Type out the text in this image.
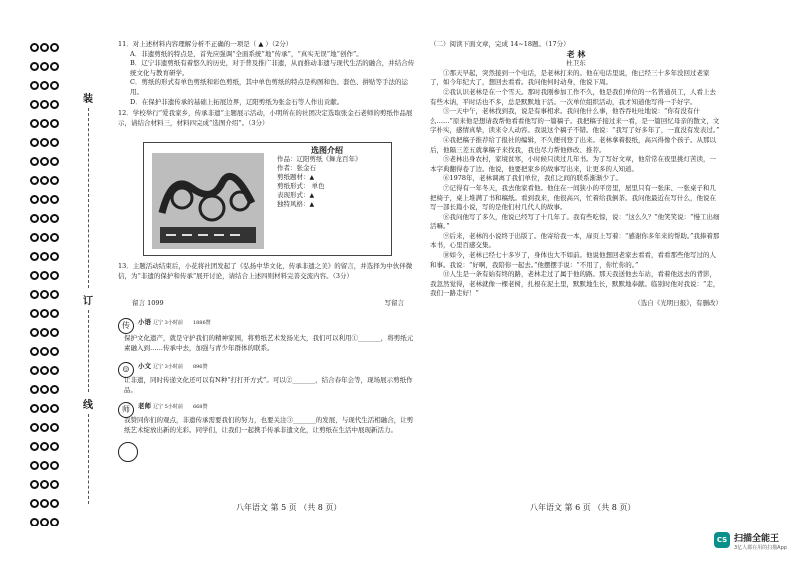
装
订
线

11．对上述材料内容理解分析不正确的一项是（ ▲ ）（2分）

A．非遗剪纸的特点是，首先应强调“全面系统”地“传承”，“真实无误”地“创作”。

B．辽宁非遗剪纸有着悠久的历史，对于普及推广非遗，从而推动非遗与现代生活的融合，并结合传统文化与教育研学。

C．剪纸的形式有单色剪纸和彩色剪纸，其中单色剪纸的特点是构图和色、套色、拼贴等手法的运用。

D．在保护非遗传承的基础上拓展边界，辽阳剪纸为张金石等人作出贡献。

12．学校举行“爱我家乡，传承非遗”主题展示活动，小明所在的社团决定选取张金石老师的剪纸作品展示，请结合材料三，材料四完成“选图介绍”。（3分）

选图介绍
作品：辽阳剪纸《舞龙百年》
作者：张金石
剪纸题材：▲
剪纸形式： 单色
表现形式：▲
独特风格：▲

13．主题活动结束后，小花将社团发起了《弘扬中华文化，传承非遗之美》的留言，并选择为中伙伴微信，为“非遗的保护和传承”展开讨论，请结合上述四则材料完善交流内容。（3分）

留言 1099	写留言
传	小语 辽宁 3小时前 1886赞

保护文化遗产，就是守护我们的精神家园，将剪纸艺术发扬光大，我们可以利用①_______，将剪纸元素融入到……传承中去，加强与青少年群体的联系。

☺	小文 辽宁 3小时前 896赞

让非遗，同时传递文化还可以有N种“打打开方式”。可以②_______，结合春年会等，现场展示剪纸作品。

师	老师 辽宁 5小时前 668赞

我赞同你们的观点，非遗传承需要我们的努力，也要关注③_______的发展，与现代生活相融合，让剪纸艺术绽放出新的光彩。同学们，让我们一起携手传承非遗文化，让剪纸在生活中展现新活力。

八年语文 第 5 页 （共 8 页）

（二）阅读下面文章，完成 14~18题。（17分）

老 林

杜卫东

①那天早起，突然接到一个电话，是老林打来的。他在电话里说，他已经三十多年没回过老家了，如今年纪大了，想回去看看。我问他何时动身，他说下周。

②我认识老林是在一个雪天。那时我刚参加工作不久，他是我们单位的一名普通员工，人看上去有些木讷，平时话也不多，总是默默地干活。一次单位组织活动，我才知道他写得一手好字。

③一天中午，老林找到我，说是有事相求。我问他什么事，他吞吞吐吐地说：“你有没有什么……”原来他是想请我帮他看看他写的一篇稿子。我把稿子接过来一看，是一篇回忆母亲的散文，文字朴实，感情真挚，读来令人动容。我说这个稿子不错。他说：“我写了好多年了，一直没有发表过。”

④我把稿子推荐给了报社的编辑，不久便刊登了出来。老林拿着报纸，高兴得像个孩子。从那以后，他隔三差五就拿稿子来找我，我也尽力帮他修改、推荐。

⑤老林出身农村，家境贫寒，小时候只读过几年书。为了写好文章，他常常在夜里挑灯苦读，一本字典翻得卷了边。他说，他要把家乡的故事写出来，让更多的人知道。

⑥1978年，老林调离了我们单位，我们之间的联系渐渐少了。

⑦记得有一年冬天，我去他家看他。他住在一间狭小的平房里，屋里只有一张床、一张桌子和几把椅子，桌上堆满了书和稿纸。看到我来，他很高兴，忙着给我倒茶。我问他最近在写什么，他说在写一部长篇小说，写的是他们村几代人的故事。

⑧我问他写了多久，他说已经写了十几年了。我有些吃惊，说：“这么久？”他笑笑说：“慢工出细活嘛。”

⑨后来，老林的小说终于出版了。他寄给我一本，扉页上写着：“感谢你多年来的帮助。”我捧着那本书，心里百感交集。

⑩如今，老林已经七十多岁了，身体也大不如前。他说他想回老家去看看，看看那些他写过的人和事。我说：“好啊，我陪你一起去。”他摆摆手说：“不用了，你忙你的。”

⑪人生是一条有始有终的路，老林走过了属于他的路。那天我送他去车站，看着他远去的背影，我忽然觉得，老林就像一棵老树，扎根在泥土里，默默地生长，默默地奉献。临别时他对我说：“走，我们一路走好！”

（选自《光明日报》，有删改）

八年语文 第 6 页 （共 8 页）
CS 扫描全能王
3亿人都在用的扫描App
